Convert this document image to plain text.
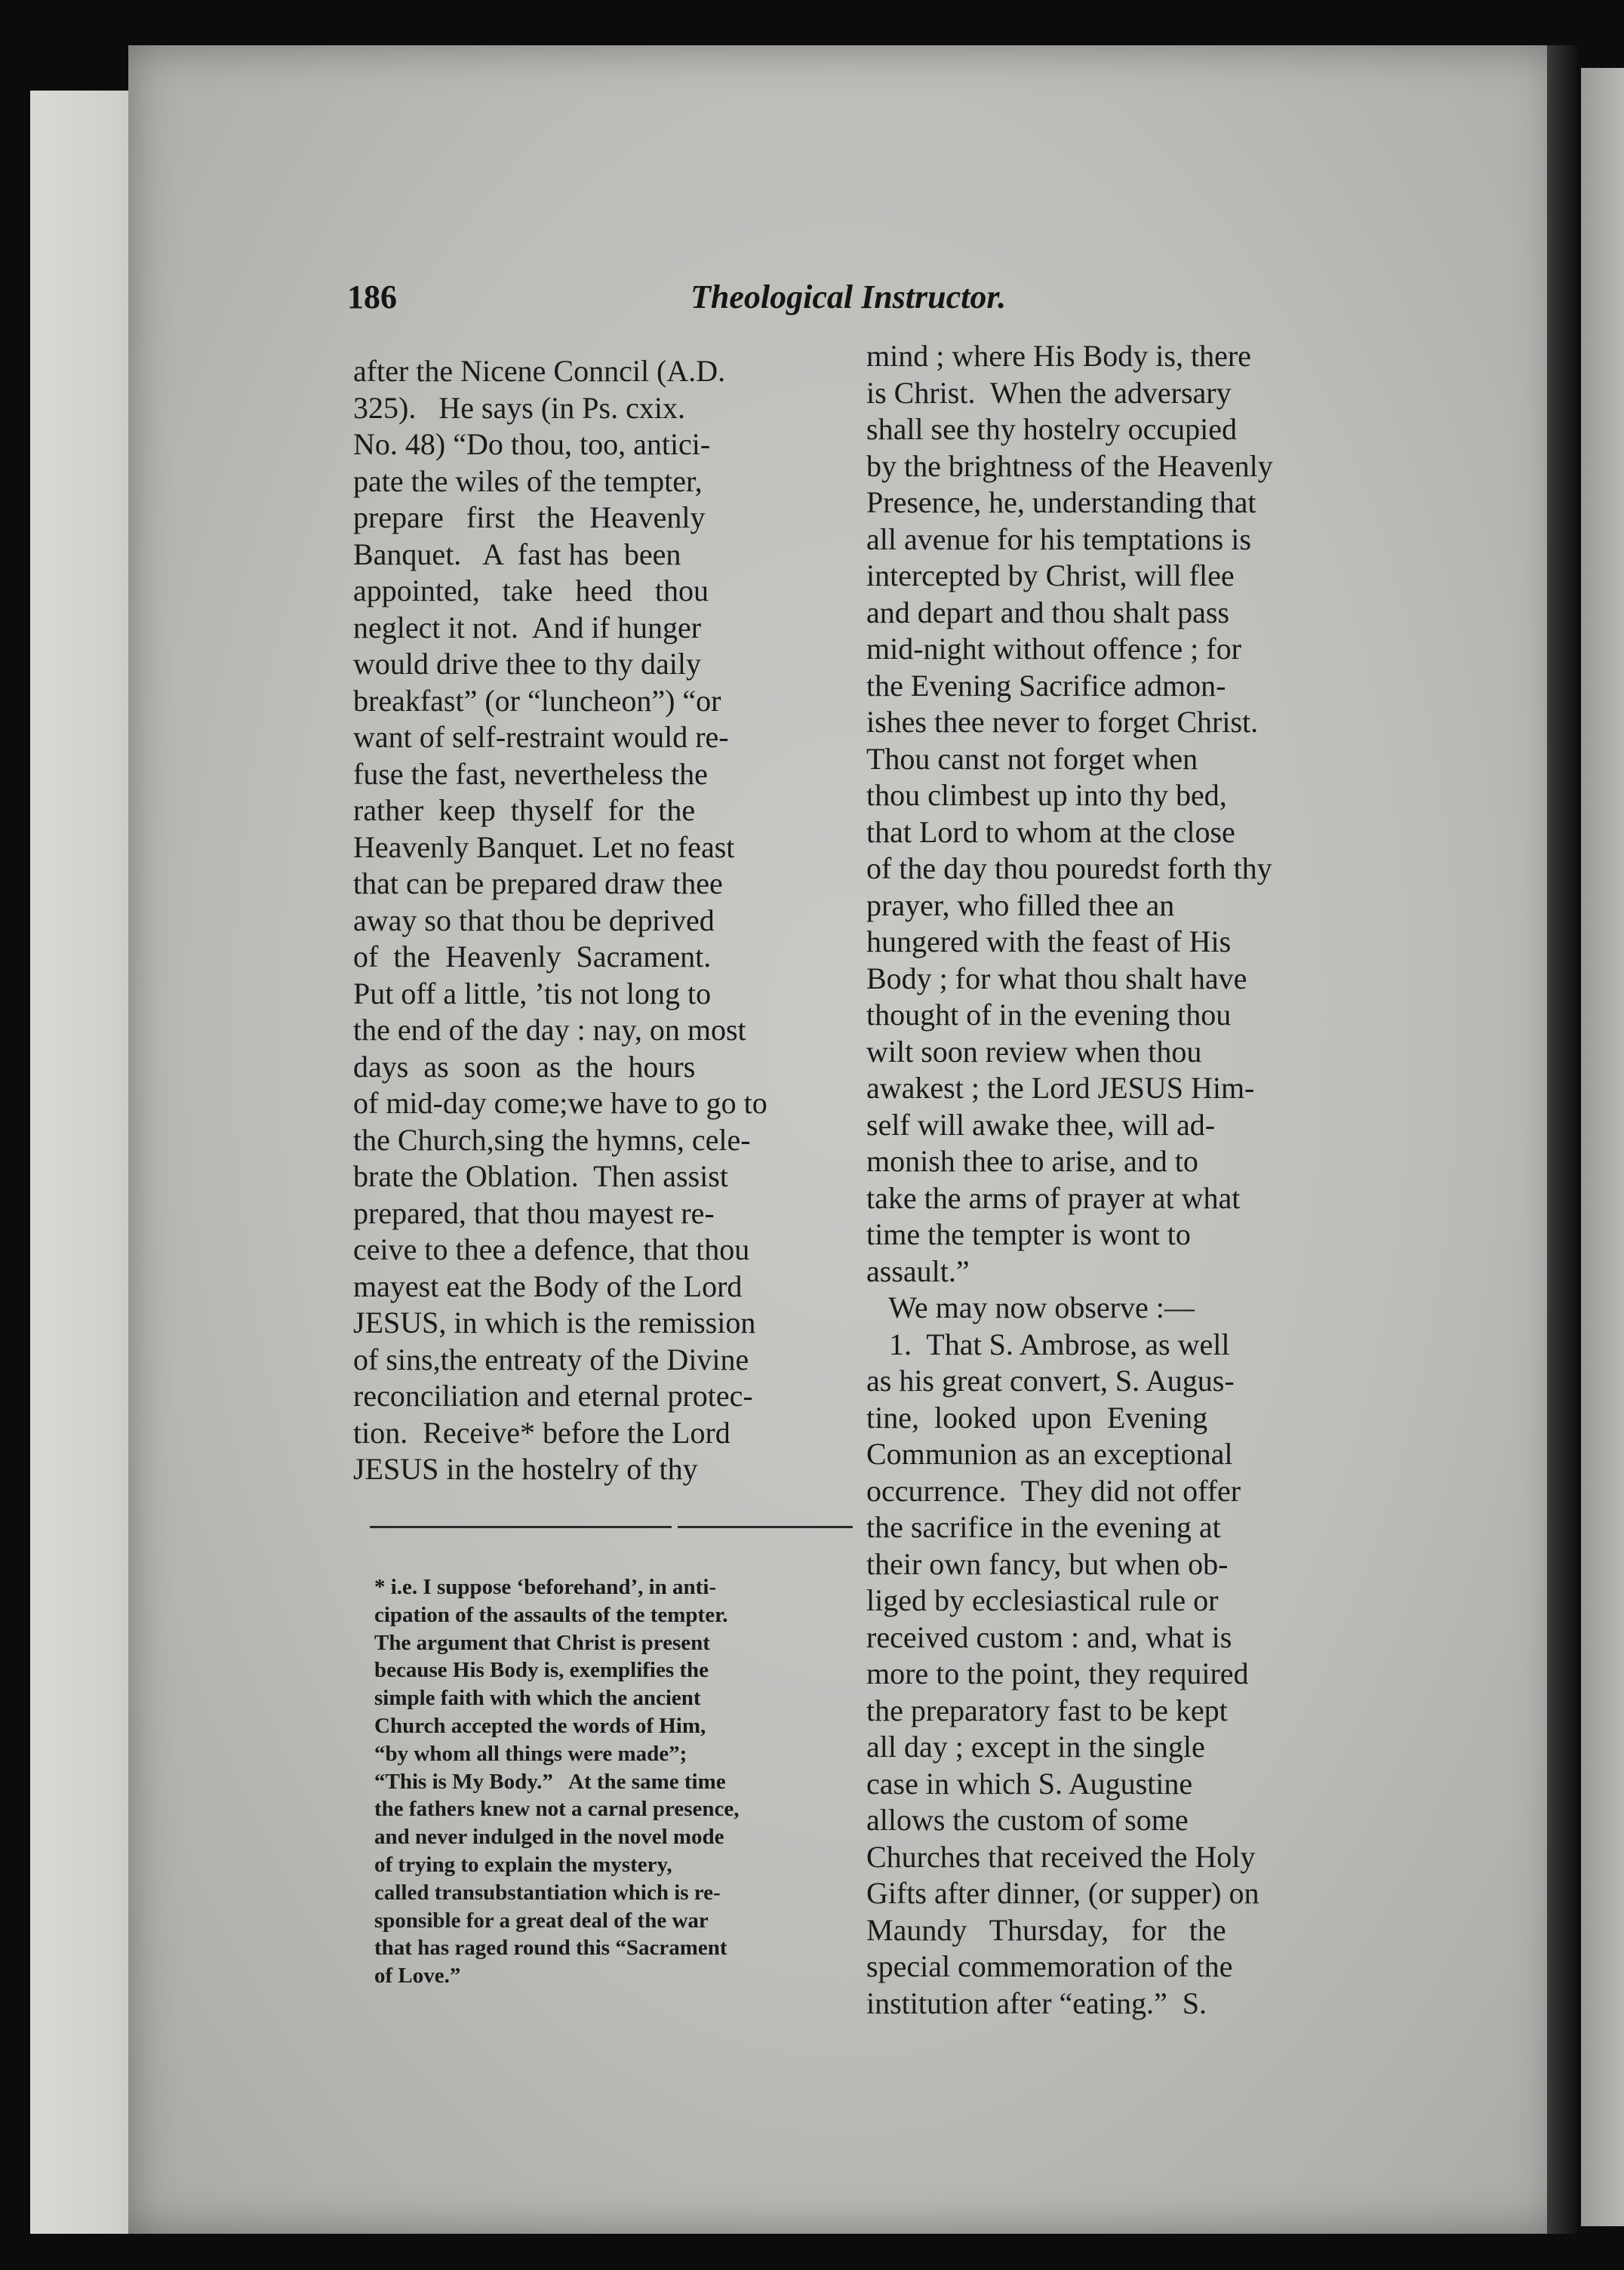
186	Theological Instructor.
after the Nicene Conncil (A.D.
325).   He says (in Ps. cxix.
No. 48) “Do thou, too, antici-
pate the wiles of the tempter,
prepare   first   the  Heavenly
Banquet.   A  fast has  been
appointed,   take   heed   thou
neglect it not.  And if hunger
would drive thee to thy daily
breakfast” (or “luncheon”) “or
want of self-restraint would re-
fuse the fast, nevertheless the
rather  keep  thyself  for  the
Heavenly Banquet. Let no feast
that can be prepared draw thee
away so that thou be deprived
of  the  Heavenly  Sacrament.
Put off a little, ’tis not long to
the end of the day : nay, on most
days  as  soon  as  the  hours
of mid-day come;we have to go to
the Church,sing the hymns, cele-
brate the Oblation.  Then assist
prepared, that thou mayest re-
ceive to thee a defence, that thou
mayest eat the Body of the Lord
JESUS, in which is the remission
of sins,the entreaty of the Divine
reconciliation and eternal protec-
tion.  Receive* before the Lord
JESUS in the hostelry of thy
mind ; where His Body is, there
is Christ.  When the adversary
shall see thy hostelry occupied
by the brightness of the Heavenly
Presence, he, understanding that
all avenue for his temptations is
intercepted by Christ, will flee
and depart and thou shalt pass
mid-night without offence ; for
the Evening Sacrifice admon-
ishes thee never to forget Christ.
Thou canst not forget when
thou climbest up into thy bed,
that Lord to whom at the close
of the day thou pouredst forth thy
prayer, who filled thee an
hungered with the feast of His
Body ; for what thou shalt have
thought of in the evening thou
wilt soon review when thou
awakest ; the Lord JESUS Him-
self will awake thee, will ad-
monish thee to arise, and to
take the arms of prayer at what
time the tempter is wont to
assault.”
We may now observe :—
1.  That S. Ambrose, as well
as his great convert, S. Augus-
tine,  looked  upon  Evening
Communion as an exceptional
occurrence.  They did not offer
the sacrifice in the evening at
their own fancy, but when ob-
liged by ecclesiastical rule or
received custom : and, what is
more to the point, they required
the preparatory fast to be kept
all day ; except in the single
case in which S. Augustine
allows the custom of some
Churches that received the Holy
Gifts after dinner, (or supper) on
Maundy   Thursday,   for   the
special commemoration of the
institution after “eating.”  S.
* i.e. I suppose ‘beforehand’, in anti-
cipation of the assaults of the tempter.
The argument that Christ is present
because His Body is, exemplifies the
simple faith with which the ancient
Church accepted the words of Him,
“by whom all things were made”;
“This is My Body.”   At the same time
the fathers knew not a carnal presence,
and never indulged in the novel mode
of trying to explain the mystery,
called transubstantiation which is re-
sponsible for a great deal of the war
that has raged round this “Sacrament
of Love.”
